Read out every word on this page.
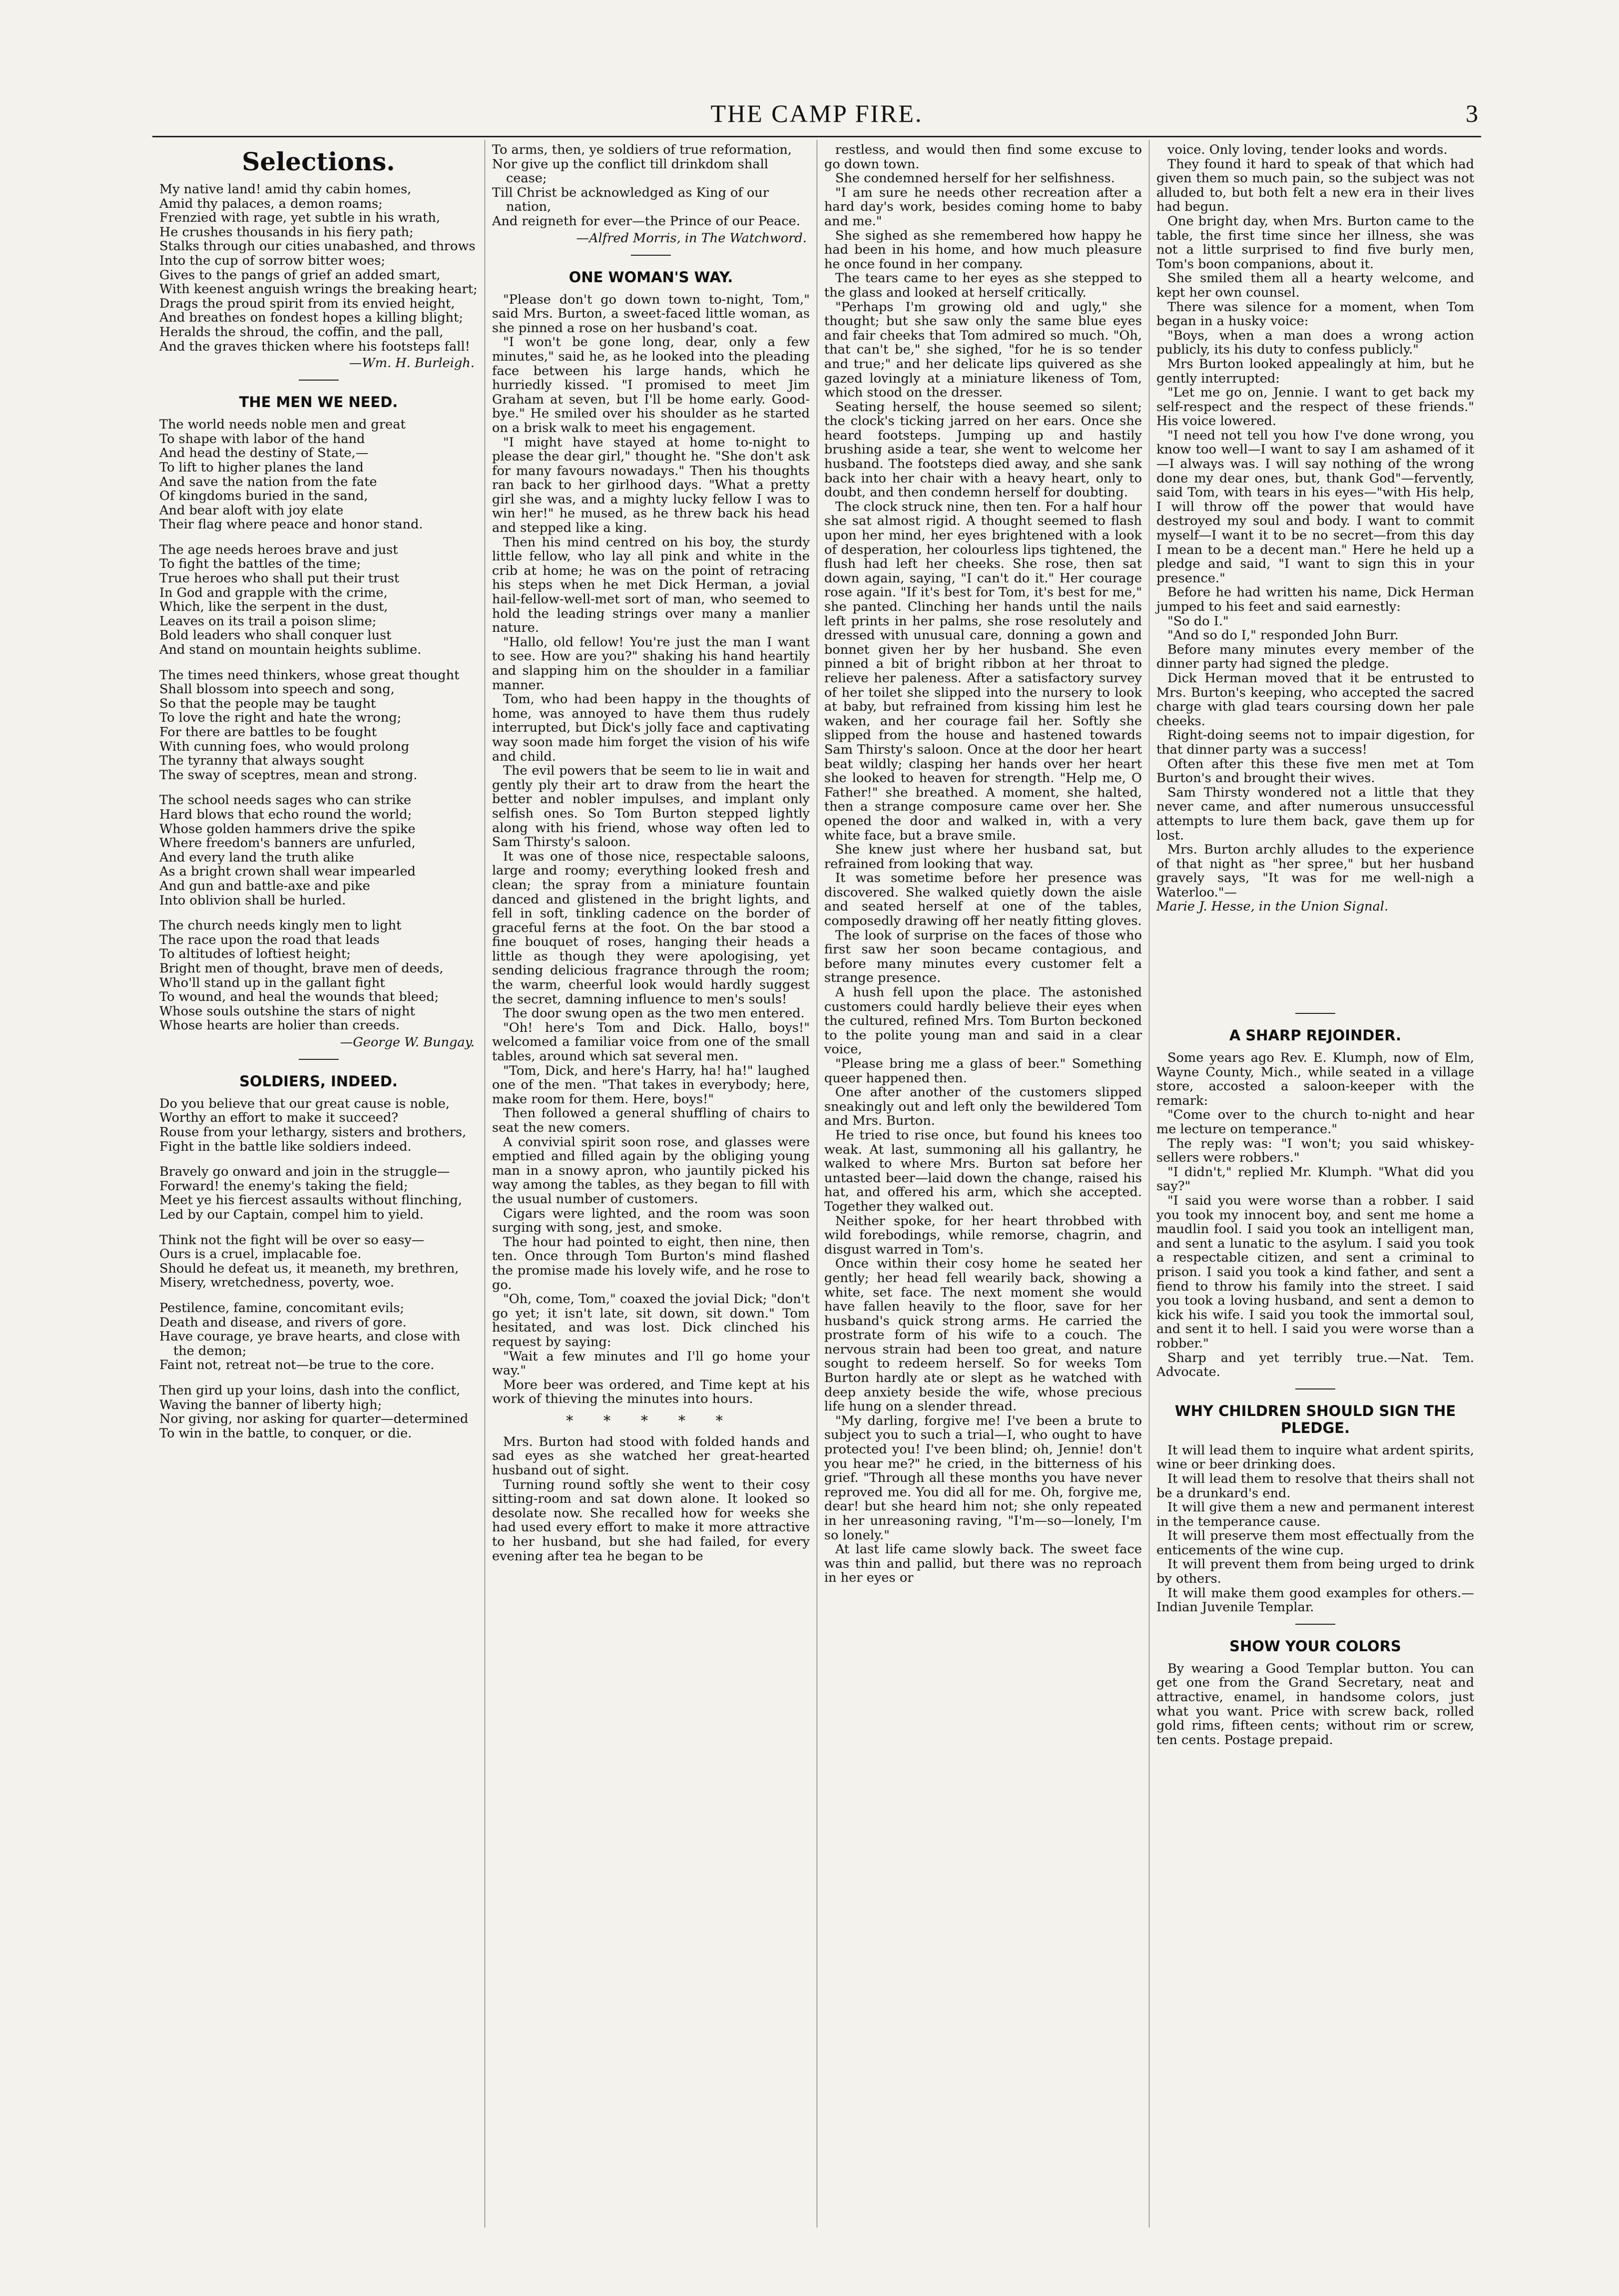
THE CAMP FIRE.	3
Selections.
My native land! amid thy cabin homes,
Amid thy palaces, a demon roams;
Frenzied with rage, yet subtle in his wrath,
He crushes thousands in his fiery path;
Stalks through our cities unabashed, and throws
Into the cup of sorrow bitter woes;
Gives to the pangs of grief an added smart,
With keenest anguish wrings the breaking heart;
Drags the proud spirit from its envied height,
And breathes on fondest hopes a killing blight;
Heralds the shroud, the coffin, and the pall,
And the graves thicken where his footsteps fall!
—Wm. H. Burleigh.
THE MEN WE NEED.
The world needs noble men and great
To shape with labor of the hand
And head the destiny of State,—
To lift to higher planes the land
And save the nation from the fate
Of kingdoms buried in the sand,
And bear aloft with joy elate
Their flag where peace and honor stand.
The age needs heroes brave and just
To fight the battles of the time;
True heroes who shall put their trust
In God and grapple with the crime,
Which, like the serpent in the dust,
Leaves on its trail a poison slime;
Bold leaders who shall conquer lust
And stand on mountain heights sublime.
The times need thinkers, whose great thought
Shall blossom into speech and song,
So that the people may be taught
To love the right and hate the wrong;
For there are battles to be fought
With cunning foes, who would prolong
The tyranny that always sought
The sway of sceptres, mean and strong.
The school needs sages who can strike
Hard blows that echo round the world;
Whose golden hammers drive the spike
Where freedom's banners are unfurled,
And every land the truth alike
As a bright crown shall wear impearled
And gun and battle-axe and pike
Into oblivion shall be hurled.
The church needs kingly men to light
The race upon the road that leads
To altitudes of loftiest height;
Bright men of thought, brave men of deeds,
Who'll stand up in the gallant fight
To wound, and heal the wounds that bleed;
Whose souls outshine the stars of night
Whose hearts are holier than creeds.
—George W. Bungay.
SOLDIERS, INDEED.
Do you believe that our great cause is noble,
Worthy an effort to make it succeed?
Rouse from your lethargy, sisters and brothers,
Fight in the battle like soldiers indeed.
Bravely go onward and join in the struggle—
Forward! the enemy's taking the field;
Meet ye his fiercest assaults without flinching,
Led by our Captain, compel him to yield.
Think not the fight will be over so easy—
Ours is a cruel, implacable foe.
Should he defeat us, it meaneth, my brethren,
Misery, wretchedness, poverty, woe.
Pestilence, famine, concomitant evils;
Death and disease, and rivers of gore.
Have courage, ye brave hearts, and close with the demon;
Faint not, retreat not—be true to the core.
Then gird up your loins, dash into the conflict,
Waving the banner of liberty high;
Nor giving, nor asking for quarter—determined
To win in the battle, to conquer, or die.
To arms, then, ye soldiers of true reformation,
Nor give up the conflict till drinkdom shall cease;
Till Christ be acknowledged as King of our nation,
And reigneth for ever—the Prince of our Peace.
—Alfred Morris, in The Watchword.
ONE WOMAN'S WAY.

"Please don't go down town to-night, Tom," said Mrs. Burton, a sweet-faced little woman, as she pinned a rose on her husband's coat.

"I won't be gone long, dear, only a few minutes," said he, as he looked into the pleading face between his large hands, which he hurriedly kissed. "I promised to meet Jim Graham at seven, but I'll be home early. Good-bye." He smiled over his shoulder as he started on a brisk walk to meet his engagement.

"I might have stayed at home to-night to please the dear girl," thought he. "She don't ask for many favours nowadays." Then his thoughts ran back to her girlhood days. "What a pretty girl she was, and a mighty lucky fellow I was to win her!" he mused, as he threw back his head and stepped like a king.

Then his mind centred on his boy, the sturdy little fellow, who lay all pink and white in the crib at home; he was on the point of retracing his steps when he met Dick Herman, a jovial hail-fellow-well-met sort of man, who seemed to hold the leading strings over many a manlier nature.

"Hallo, old fellow! You're just the man I want to see. How are you?" shaking his hand heartily and slapping him on the shoulder in a familiar manner.

Tom, who had been happy in the thoughts of home, was annoyed to have them thus rudely interrupted, but Dick's jolly face and captivating way soon made him forget the vision of his wife and child.

The evil powers that be seem to lie in wait and gently ply their art to draw from the heart the better and nobler impulses, and implant only selfish ones. So Tom Burton stepped lightly along with his friend, whose way often led to Sam Thirsty's saloon.

It was one of those nice, respectable saloons, large and roomy; everything looked fresh and clean; the spray from a miniature fountain danced and glistened in the bright lights, and fell in soft, tinkling cadence on the border of graceful ferns at the foot. On the bar stood a fine bouquet of roses, hanging their heads a little as though they were apologising, yet sending delicious fragrance through the room; the warm, cheerful look would hardly suggest the secret, damning influence to men's souls!

The door swung open as the two men entered.

"Oh! here's Tom and Dick. Hallo, boys!" welcomed a familiar voice from one of the small tables, around which sat several men.

"Tom, Dick, and here's Harry, ha! ha!" laughed one of the men. "That takes in everybody; here, make room for them. Here, boys!"

Then followed a general shuffling of chairs to seat the new comers.

A convivial spirit soon rose, and glasses were emptied and filled again by the obliging young man in a snowy apron, who jauntily picked his way among the tables, as they began to fill with the usual number of customers.

Cigars were lighted, and the room was soon surging with song, jest, and smoke.

The hour had pointed to eight, then nine, then ten. Once through Tom Burton's mind flashed the promise made his lovely wife, and he rose to go.

"Oh, come, Tom," coaxed the jovial Dick; "don't go yet; it isn't late, sit down, sit down." Tom hesitated, and was lost. Dick clinched his request by saying:

"Wait a few minutes and I'll go home your way."

More beer was ordered, and Time kept at his work of thieving the minutes into hours.

* * * * *

Mrs. Burton had stood with folded hands and sad eyes as she watched her great-hearted husband out of sight.

Turning round softly she went to their cosy sitting-room and sat down alone. It looked so desolate now. She recalled how for weeks she had used every effort to make it more attractive to her husband, but she had failed, for every evening after tea he began to be

restless, and would then find some excuse to go down town.

She condemned herself for her selfishness.

"I am sure he needs other recreation after a hard day's work, besides coming home to baby and me."

She sighed as she remembered how happy he had been in his home, and how much pleasure he once found in her company.

The tears came to her eyes as she stepped to the glass and looked at herself critically.

"Perhaps I'm growing old and ugly," she thought; but she saw only the same blue eyes and fair cheeks that Tom admired so much. "Oh, that can't be," she sighed, "for he is so tender and true;" and her delicate lips quivered as she gazed lovingly at a miniature likeness of Tom, which stood on the dresser.

Seating herself, the house seemed so silent; the clock's ticking jarred on her ears. Once she heard footsteps. Jumping up and hastily brushing aside a tear, she went to welcome her husband. The footsteps died away, and she sank back into her chair with a heavy heart, only to doubt, and then condemn herself for doubting.

The clock struck nine, then ten. For a half hour she sat almost rigid. A thought seemed to flash upon her mind, her eyes brightened with a look of desperation, her colourless lips tightened, the flush had left her cheeks. She rose, then sat down again, saying, "I can't do it." Her courage rose again. "If it's best for Tom, it's best for me," she panted. Clinching her hands until the nails left prints in her palms, she rose resolutely and dressed with unusual care, donning a gown and bonnet given her by her husband. She even pinned a bit of bright ribbon at her throat to relieve her paleness. After a satisfactory survey of her toilet she slipped into the nursery to look at baby, but refrained from kissing him lest he waken, and her courage fail her. Softly she slipped from the house and hastened towards Sam Thirsty's saloon. Once at the door her heart beat wildly; clasping her hands over her heart she looked to heaven for strength. "Help me, O Father!" she breathed. A moment, she halted, then a strange composure came over her. She opened the door and walked in, with a very white face, but a brave smile.

She knew just where her husband sat, but refrained from looking that way.

It was sometime before her presence was discovered. She walked quietly down the aisle and seated herself at one of the tables, composedly drawing off her neatly fitting gloves.

The look of surprise on the faces of those who first saw her soon became contagious, and before many minutes every customer felt a strange presence.

A hush fell upon the place. The astonished customers could hardly believe their eyes when the cultured, refined Mrs. Tom Burton beckoned to the polite young man and said in a clear voice,

"Please bring me a glass of beer." Something queer happened then.

One after another of the customers slipped sneakingly out and left only the bewildered Tom and Mrs. Burton.

He tried to rise once, but found his knees too weak. At last, summoning all his gallantry, he walked to where Mrs. Burton sat before her untasted beer—laid down the change, raised his hat, and offered his arm, which she accepted. Together they walked out.

Neither spoke, for her heart throbbed with wild forebodings, while remorse, chagrin, and disgust warred in Tom's.

Once within their cosy home he seated her gently; her head fell wearily back, showing a white, set face. The next moment she would have fallen heavily to the floor, save for her husband's quick strong arms. He carried the prostrate form of his wife to a couch. The nervous strain had been too great, and nature sought to redeem herself. So for weeks Tom Burton hardly ate or slept as he watched with deep anxiety beside the wife, whose precious life hung on a slender thread.

"My darling, forgive me! I've been a brute to subject you to such a trial—I, who ought to have protected you! I've been blind; oh, Jennie! don't you hear me?" he cried, in the bitterness of his grief. "Through all these months you have never reproved me. You did all for me. Oh, forgive me, dear! but she heard him not; she only repeated in her unreasoning raving, "I'm—so—lonely, I'm so lonely."

At last life came slowly back. The sweet face was thin and pallid, but there was no reproach in her eyes or

voice. Only loving, tender looks and words.

They found it hard to speak of that which had given them so much pain, so the subject was not alluded to, but both felt a new era in their lives had begun.

One bright day, when Mrs. Burton came to the table, the first time since her illness, she was not a little surprised to find five burly men, Tom's boon companions, about it.

She smiled them all a hearty welcome, and kept her own counsel.

There was silence for a moment, when Tom began in a husky voice:

"Boys, when a man does a wrong action publicly, its his duty to confess publicly."

Mrs Burton looked appealingly at him, but he gently interrupted:

"Let me go on, Jennie. I want to get back my self-respect and the respect of these friends." His voice lowered.

"I need not tell you how I've done wrong, you know too well—I want to say I am ashamed of it—I always was. I will say nothing of the wrong done my dear ones, but, thank God"—fervently, said Tom, with tears in his eyes—"with His help, I will throw off the power that would have destroyed my soul and body. I want to commit myself—I want it to be no secret—from this day I mean to be a decent man." Here he held up a pledge and said, "I want to sign this in your presence."

Before he had written his name, Dick Herman jumped to his feet and said earnestly:

"So do I."

"And so do I," responded John Burr.

Before many minutes every member of the dinner party had signed the pledge.

Dick Herman moved that it be entrusted to Mrs. Burton's keeping, who accepted the sacred charge with glad tears coursing down her pale cheeks.

Right-doing seems not to impair digestion, for that dinner party was a success!

Often after this these five men met at Tom Burton's and brought their wives.

Sam Thirsty wondered not a little that they never came, and after numerous unsuccessful attempts to lure them back, gave them up for lost.

Mrs. Burton archly alludes to the experience of that night as "her spree," but her husband gravely says, "It was for me well-nigh a Waterloo."—

Marie J. Hesse, in the Union Signal.

A SHARP REJOINDER.

Some years ago Rev. E. Klumph, now of Elm, Wayne County, Mich., while seated in a village store, accosted a saloon-keeper with the remark:

"Come over to the church to-night and hear me lecture on temperance."

The reply was: "I won't; you said whiskey-sellers were robbers."

"I didn't," replied Mr. Klumph. "What did you say?"

"I said you were worse than a robber. I said you took my innocent boy, and sent me home a maudlin fool. I said you took an intelligent man, and sent a lunatic to the asylum. I said you took a respectable citizen, and sent a criminal to prison. I said you took a kind father, and sent a fiend to throw his family into the street. I said you took a loving husband, and sent a demon to kick his wife. I said you took the immortal soul, and sent it to hell. I said you were worse than a robber."

Sharp and yet terribly true.—Nat. Tem. Advocate.

WHY CHILDREN SHOULD SIGN THE PLEDGE.

It will lead them to inquire what ardent spirits, wine or beer drinking does.

It will lead them to resolve that theirs shall not be a drunkard's end.

It will give them a new and permanent interest in the temperance cause.

It will preserve them most effectually from the enticements of the wine cup.

It will prevent them from being urged to drink by others.

It will make them good examples for others.—Indian Juvenile Templar.

SHOW YOUR COLORS

By wearing a Good Templar button. You can get one from the Grand Secretary, neat and attractive, enamel, in handsome colors, just what you want. Price with screw back, rolled gold rims, fifteen cents; without rim or screw, ten cents. Postage prepaid.
